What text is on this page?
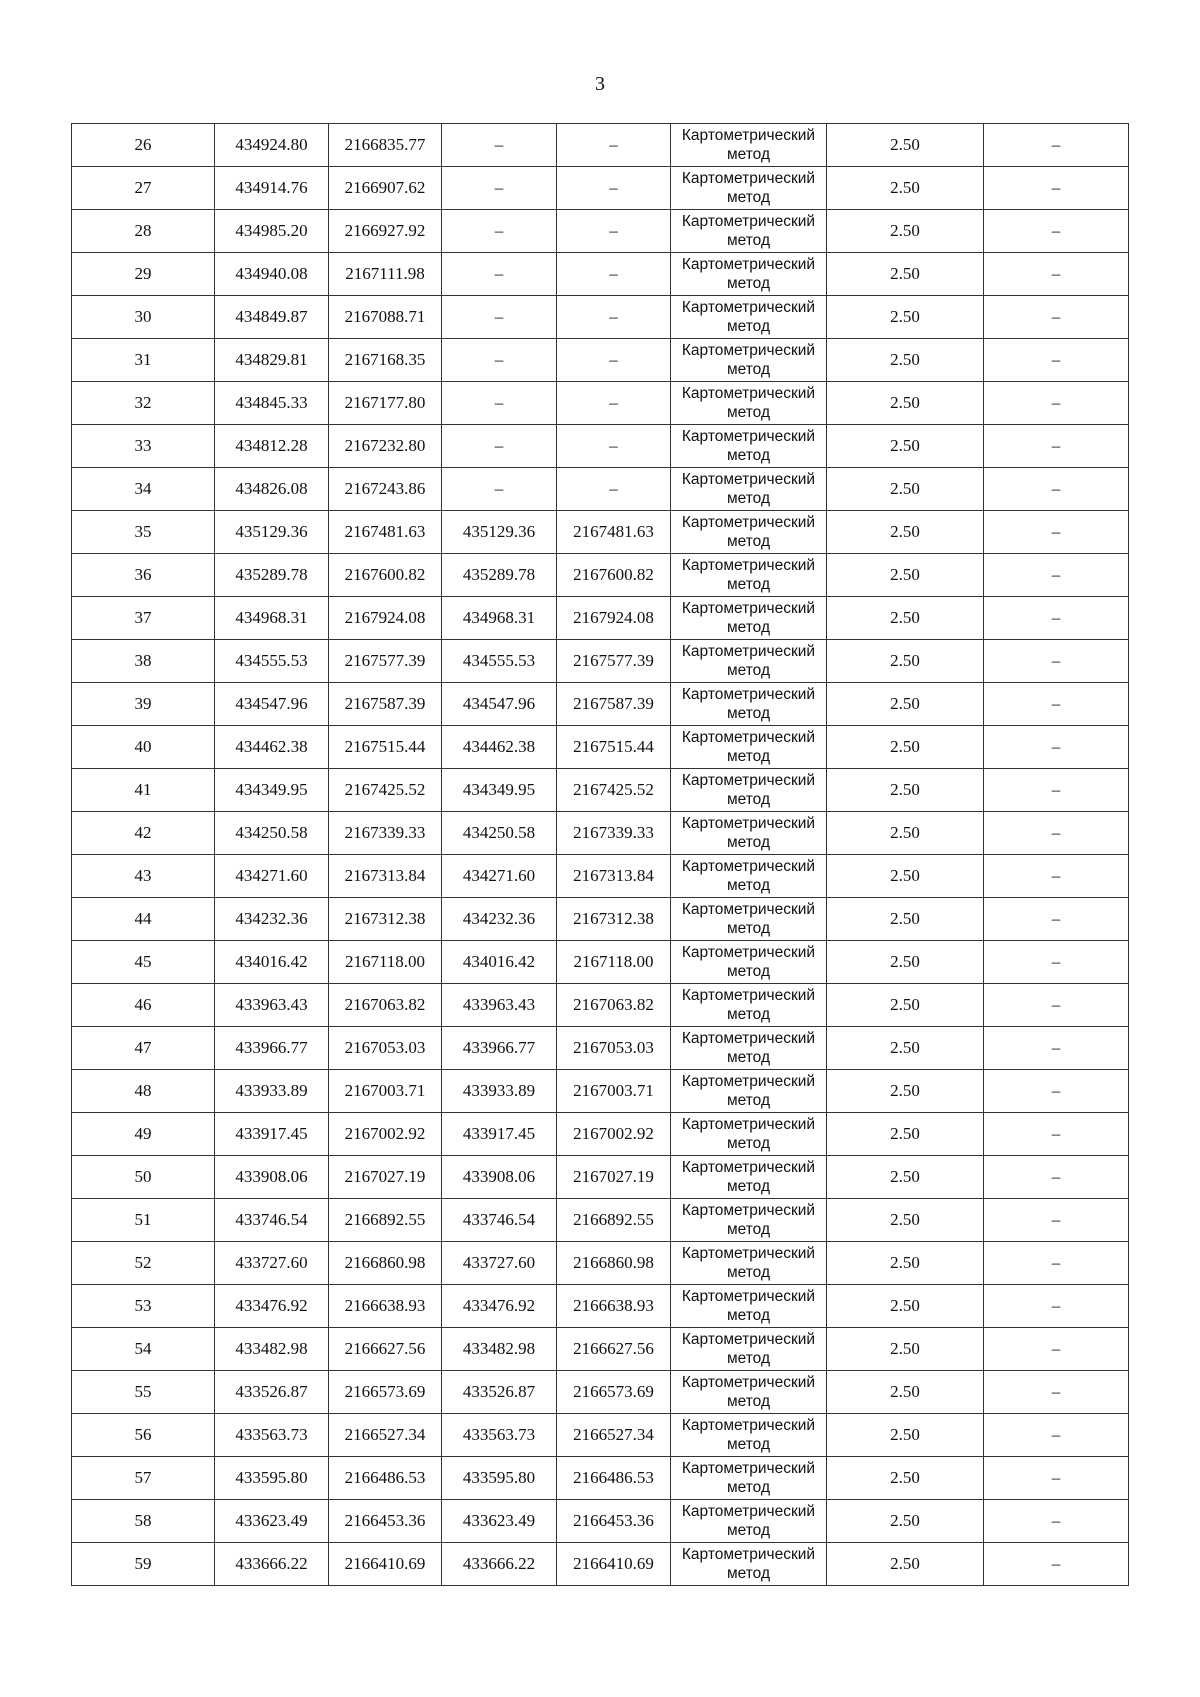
3
26	434924.80	2166835.77	–	–	Картометрический метод	2.50	–
27	434914.76	2166907.62	–	–	Картометрический метод	2.50	–
28	434985.20	2166927.92	–	–	Картометрический метод	2.50	–
29	434940.08	2167111.98	–	–	Картометрический метод	2.50	–
30	434849.87	2167088.71	–	–	Картометрический метод	2.50	–
31	434829.81	2167168.35	–	–	Картометрический метод	2.50	–
32	434845.33	2167177.80	–	–	Картометрический метод	2.50	–
33	434812.28	2167232.80	–	–	Картометрический метод	2.50	–
34	434826.08	2167243.86	–	–	Картометрический метод	2.50	–
35	435129.36	2167481.63	435129.36	2167481.63	Картометрический метод	2.50	–
36	435289.78	2167600.82	435289.78	2167600.82	Картометрический метод	2.50	–
37	434968.31	2167924.08	434968.31	2167924.08	Картометрический метод	2.50	–
38	434555.53	2167577.39	434555.53	2167577.39	Картометрический метод	2.50	–
39	434547.96	2167587.39	434547.96	2167587.39	Картометрический метод	2.50	–
40	434462.38	2167515.44	434462.38	2167515.44	Картометрический метод	2.50	–
41	434349.95	2167425.52	434349.95	2167425.52	Картометрический метод	2.50	–
42	434250.58	2167339.33	434250.58	2167339.33	Картометрический метод	2.50	–
43	434271.60	2167313.84	434271.60	2167313.84	Картометрический метод	2.50	–
44	434232.36	2167312.38	434232.36	2167312.38	Картометрический метод	2.50	–
45	434016.42	2167118.00	434016.42	2167118.00	Картометрический метод	2.50	–
46	433963.43	2167063.82	433963.43	2167063.82	Картометрический метод	2.50	–
47	433966.77	2167053.03	433966.77	2167053.03	Картометрический метод	2.50	–
48	433933.89	2167003.71	433933.89	2167003.71	Картометрический метод	2.50	–
49	433917.45	2167002.92	433917.45	2167002.92	Картометрический метод	2.50	–
50	433908.06	2167027.19	433908.06	2167027.19	Картометрический метод	2.50	–
51	433746.54	2166892.55	433746.54	2166892.55	Картометрический метод	2.50	–
52	433727.60	2166860.98	433727.60	2166860.98	Картометрический метод	2.50	–
53	433476.92	2166638.93	433476.92	2166638.93	Картометрический метод	2.50	–
54	433482.98	2166627.56	433482.98	2166627.56	Картометрический метод	2.50	–
55	433526.87	2166573.69	433526.87	2166573.69	Картометрический метод	2.50	–
56	433563.73	2166527.34	433563.73	2166527.34	Картометрический метод	2.50	–
57	433595.80	2166486.53	433595.80	2166486.53	Картометрический метод	2.50	–
58	433623.49	2166453.36	433623.49	2166453.36	Картометрический метод	2.50	–
59	433666.22	2166410.69	433666.22	2166410.69	Картометрический метод	2.50	–
